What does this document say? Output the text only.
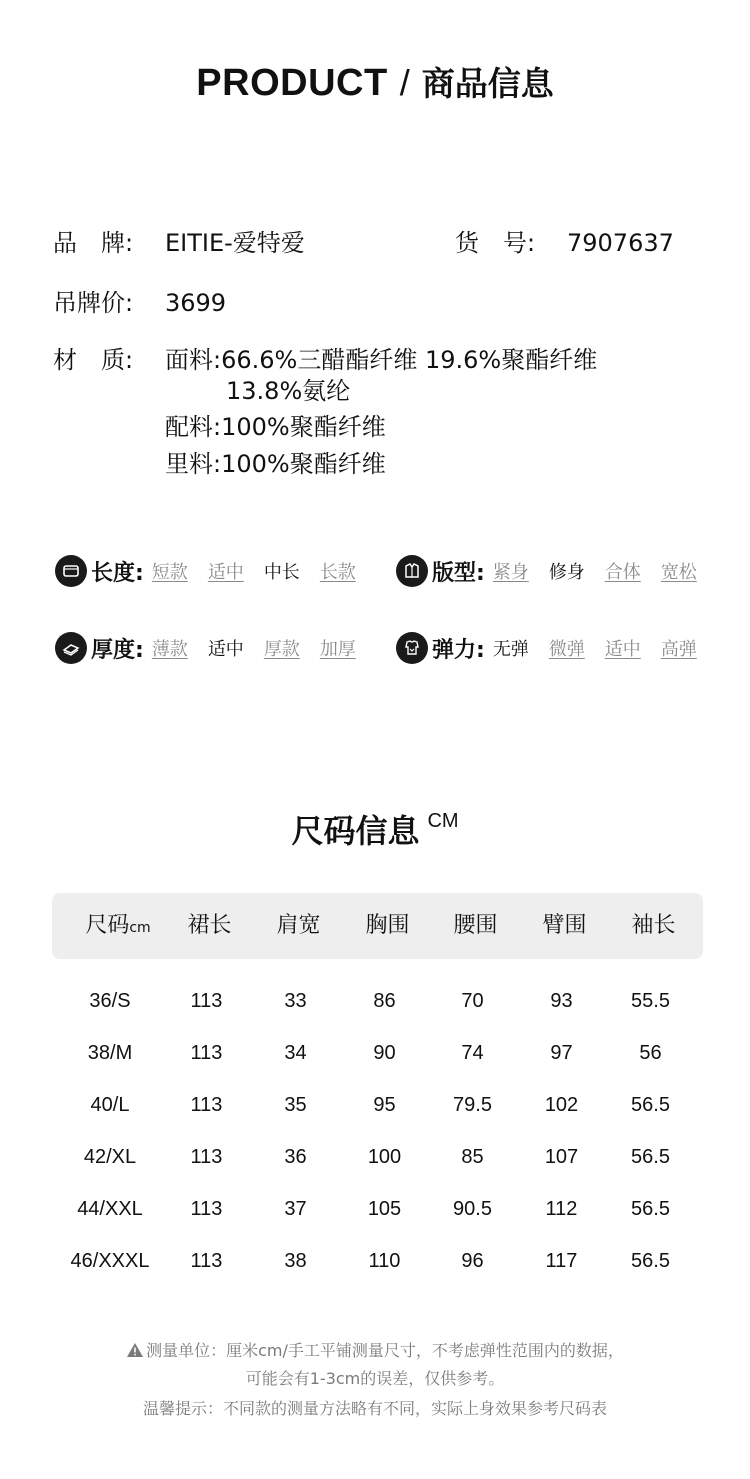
PRODUCT / 商品信息
品　牌: EITIE-爱特爱	货　号: 7907637
吊牌价: 3699
材　质:	面料:66.6%三醋酯纤维 19.6%聚酯纤维
13.8%氨纶
配料:100%聚酯纤维
里料:100%聚酯纤维
长度: 短款 适中 中长 长款	版型: 紧身 修身 合体 宽松
厚度: 薄款 适中 厚款 加厚	弹力: 无弹 微弹 适中 高弹
尺码信息 CM
尺码cm	裙长	肩宽	胸围	腰围	臂围	袖长
36/S	113	33	86	70	93	55.5
38/M	113	34	90	74	97	56
40/L	113	35	95	79.5	102	56.5
42/XL	113	36	100	85	107	56.5
44/XXL	113	37	105	90.5	112	56.5
46/XXXL	113	38	110	96	117	56.5
测量单位：厘米cm/手工平铺测量尺寸，不考虑弹性范围内的数据，
可能会有1-3cm的误差，仅供参考。
温馨提示：不同款的测量方法略有不同，实际上身效果参考尺码表
